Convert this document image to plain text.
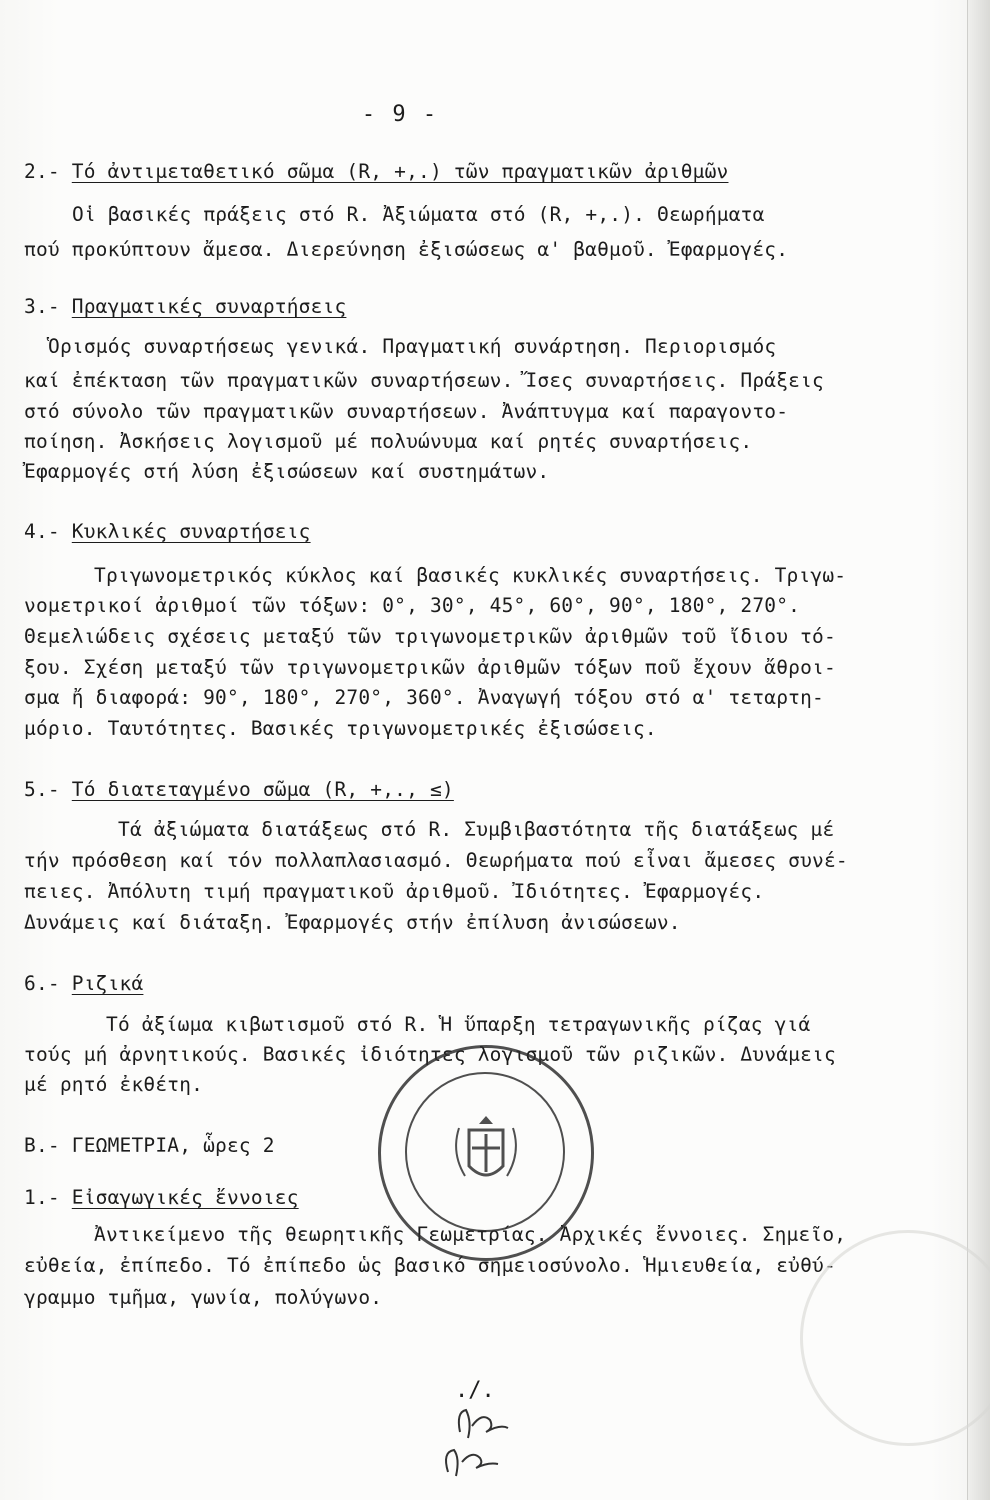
- 9 -
2.- Τό ἀντιμεταθετικό σῶμα (R, +,.) τῶν πραγματικῶν ἀριθμῶν
Οἱ βασικές πράξεις στό R. Ἀξιώματα στό (R, +,.). Θεωρήματα
πού προκύπτουν ἄμεσα. Διερεύνηση ἐξισώσεως α' βαθμοῦ. Ἐφαρμογές.
3.- Πραγματικές συναρτήσεις
Ὁρισμός συναρτήσεως γενικά. Πραγματική συνάρτηση. Περιορισμός
καί ἐπέκταση τῶν πραγματικῶν συναρτήσεων. Ἴσες συναρτήσεις. Πράξεις
στό σύνολο τῶν πραγματικῶν συναρτήσεων. Ἀνάπτυγμα καί παραγοντο-
ποίηση. Ἀσκήσεις λογισμοῦ μέ πολυώνυμα καί ρητές συναρτήσεις.
Ἐφαρμογές στή λύση ἐξισώσεων καί συστημάτων.
4.- Κυκλικές συναρτήσεις
Τριγωνομετρικός κύκλος καί βασικές κυκλικές συναρτήσεις. Τριγω-
νομετρικοί ἀριθμοί τῶν τόξων: 0°, 30°, 45°, 60°, 90°, 180°, 270°.
Θεμελιώδεις σχέσεις μεταξύ τῶν τριγωνομετρικῶν ἀριθμῶν τοῦ ἴδιου τό-
ξου. Σχέση μεταξύ τῶν τριγωνομετρικῶν ἀριθμῶν τόξων ποῦ ἔχουν ἄθροι-
σμα ἤ διαφορά: 90°, 180°, 270°, 360°. Ἀναγωγή τόξου στό α' τεταρτη-
μόριο. Ταυτότητες. Βασικές τριγωνομετρικές ἐξισώσεις.
5.- Τό διατεταγμένο σῶμα (R, +,., ≤)
Τά ἀξιώματα διατάξεως στό R. Συμβιβαστότητα τῆς διατάξεως μέ
τήν πρόσθεση καί τόν πολλαπλασιασμό. Θεωρήματα πού εἶναι ἄμεσες συνέ-
πειες. Ἀπόλυτη τιμή πραγματικοῦ ἀριθμοῦ. Ἰδιότητες. Ἐφαρμογές.
Δυνάμεις καί διάταξη. Ἐφαρμογές στήν ἐπίλυση ἀνισώσεων.
6.- Ριζικά
Τό ἀξίωμα κιβωτισμοῦ στό R. Ἡ ὕπαρξη τετραγωνικῆς ρίζας γιά
τούς μή ἀρνητικούς. Βασικές ἰδιότητες λογισμοῦ τῶν ριζικῶν. Δυνάμεις
μέ ρητό ἐκθέτη.
Β.- ΓΕΩΜΕΤΡΙΑ, ὧρες 2
1.- Εἰσαγωγικές ἔννοιες
Ἀντικείμενο τῆς θεωρητικῆς Γεωμετρίας. Ἀρχικές ἔννοιες. Σημεῖο,
εὐθεία, ἐπίπεδο. Τό ἐπίπεδο ὡς βασικό σημειοσύνολο. Ἡμιευθεία, εὐθύ-
γραμμο τμῆμα, γωνία, πολύγωνο.
./.
